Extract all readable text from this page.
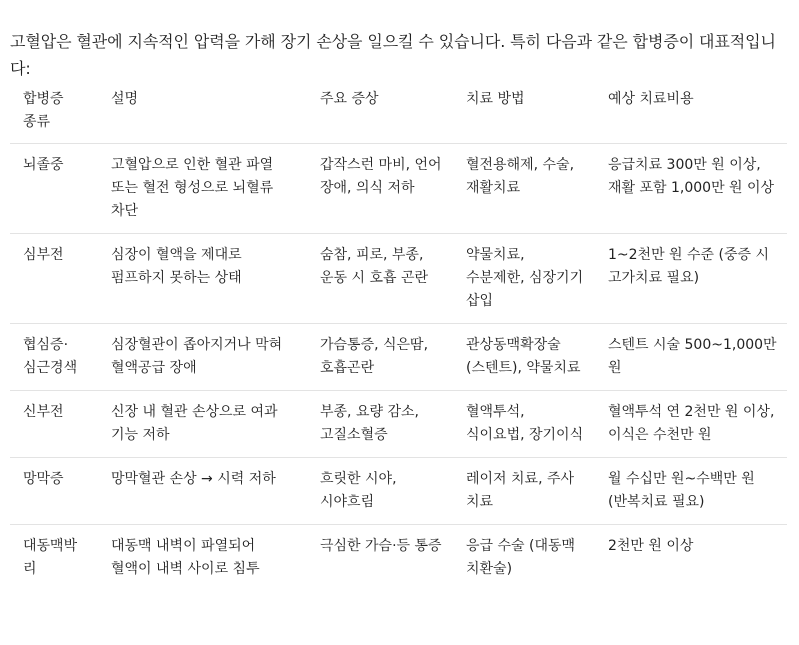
고혈압은 혈관에 지속적인 압력을 가해 장기 손상을 일으킬 수 있습니다. 특히 다음과 같은 합병증이 대표적입니다:

합병증 종류	설명	주요 증상	치료 방법	예상 치료비용
뇌졸중	고혈압으로 인한 혈관 파열 또는 혈전 형성으로 뇌혈류 차단	갑작스런 마비, 언어 장애, 의식 저하	혈전용해제, 수술, 재활치료	응급치료 300만 원 이상, 재활 포함 1,000만 원 이상
심부전	심장이 혈액을 제대로 펌프하지 못하는 상태	숨참, 피로, 부종, 운동 시 호흡 곤란	약물치료, 수분제한, 심장기기 삽입	1~2천만 원 수준 (중증 시 고가치료 필요)
협심증·심근경색	심장혈관이 좁아지거나 막혀 혈액공급 장애	가슴통증, 식은땀, 호흡곤란	관상동맥확장술(스텐트), 약물치료	스텐트 시술 500~1,000만 원
신부전	신장 내 혈관 손상으로 여과 기능 저하	부종, 요량 감소, 고질소혈증	혈액투석, 식이요법, 장기이식	혈액투석 연 2천만 원 이상, 이식은 수천만 원
망막증	망막혈관 손상 → 시력 저하	흐릿한 시야, 시야흐림	레이저 치료, 주사 치료	월 수십만 원~수백만 원 (반복치료 필요)
대동맥박리	대동맥 내벽이 파열되어 혈액이 내벽 사이로 침투	극심한 가슴·등 통증	응급 수술 (대동맥 치환술)	2천만 원 이상
